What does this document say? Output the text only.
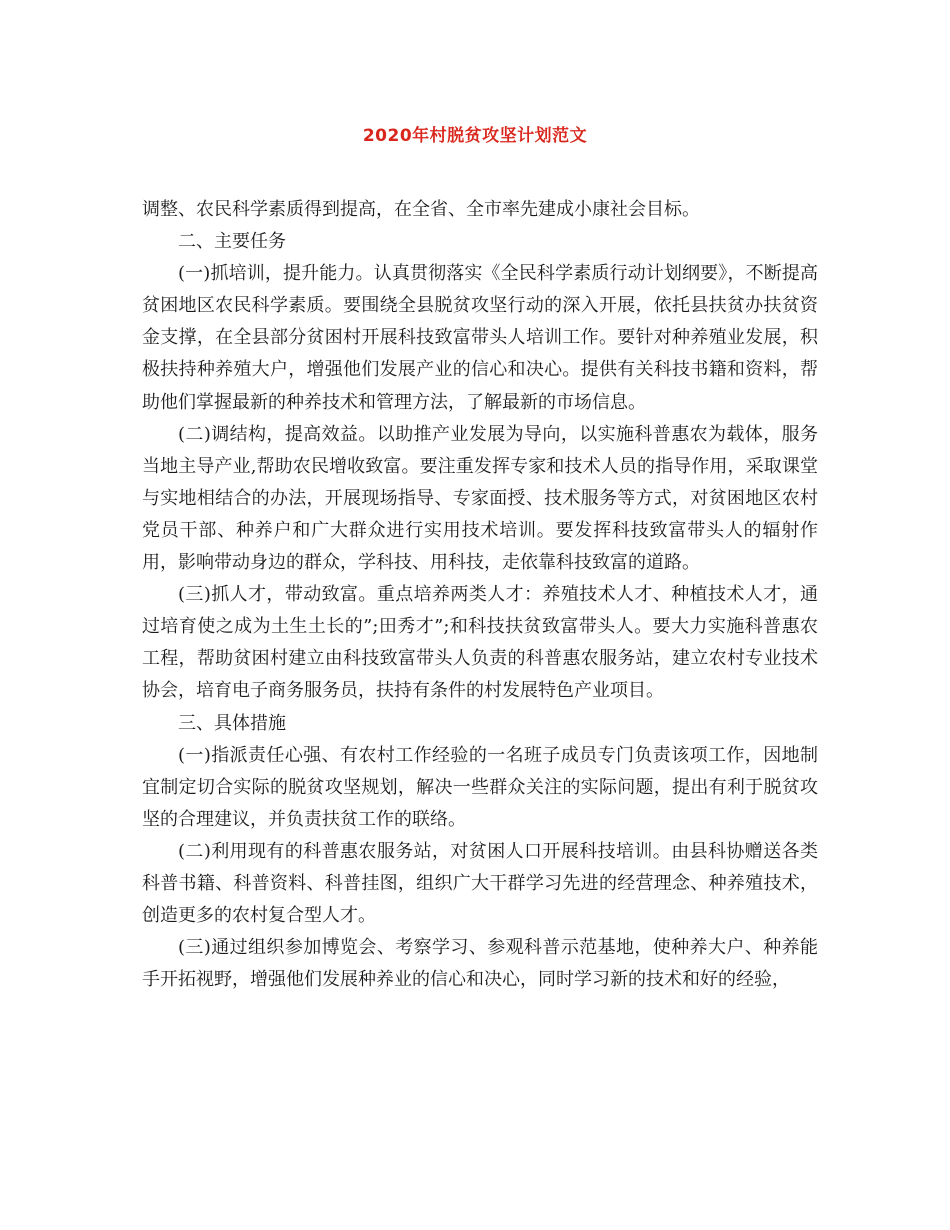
2020年村脱贫攻坚计划范文

调整、农民科学素质得到提高，在全省、全市率先建成小康社会目标。

二、主要任务

(一)抓培训，提升能力。认真贯彻落实《全民科学素质行动计划纲要》，不断提高贫困地区农民科学素质。要围绕全县脱贫攻坚行动的深入开展，依托县扶贫办扶贫资金支撑，在全县部分贫困村开展科技致富带头人培训工作。要针对种养殖业发展，积极扶持种养殖大户，增强他们发展产业的信心和决心。提供有关科技书籍和资料，帮助他们掌握最新的种养技术和管理方法，了解最新的市场信息。

(二)调结构，提高效益。以助推产业发展为导向，以实施科普惠农为载体，服务当地主导产业,帮助农民增收致富。要注重发挥专家和技术人员的指导作用，采取课堂与实地相结合的办法，开展现场指导、专家面授、技术服务等方式，对贫困地区农村党员干部、种养户和广大群众进行实用技术培训。要发挥科技致富带头人的辐射作用，影响带动身边的群众，学科技、用科技，走依靠科技致富的道路。

(三)抓人才，带动致富。重点培养两类人才：养殖技术人才、种植技术人才，通过培育使之成为土生土长的”;田秀才”;和科技扶贫致富带头人。要大力实施科普惠农工程，帮助贫困村建立由科技致富带头人负责的科普惠农服务站，建立农村专业技术协会，培育电子商务服务员，扶持有条件的村发展特色产业项目。

三、具体措施

(一)指派责任心强、有农村工作经验的一名班子成员专门负责该项工作，因地制宜制定切合实际的脱贫攻坚规划，解决一些群众关注的实际问题，提出有利于脱贫攻坚的合理建议，并负责扶贫工作的联络。

(二)利用现有的科普惠农服务站，对贫困人口开展科技培训。由县科协赠送各类科普书籍、科普资料、科普挂图，组织广大干群学习先进的经营理念、种养殖技术，创造更多的农村复合型人才。

(三)通过组织参加博览会、考察学习、参观科普示范基地，使种养大户、种养能手开拓视野，增强他们发展种养业的信心和决心，同时学习新的技术和好的经验，
